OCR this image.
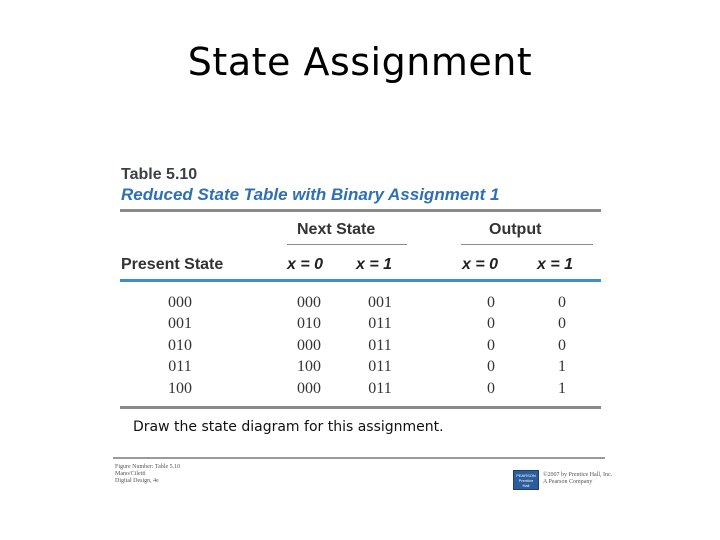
State Assignment
Table 5.10
Reduced State Table with Binary Assignment 1
Next State	Output
Present State	x = 0 x = 1	x = 0 x = 1
000	000	001	0	0
001	010	011	0	0
010	000	011	0	0
011	100	011	0	1
100	000	011	0	1
Draw the state diagram for this assignment.
Figure Number: Table 5.10
Mano/Ciletti
Digital Design, 4e
PEARSON
Prentice
Hall
©2007 by Prentice Hall, Inc.
A Pearson Company
